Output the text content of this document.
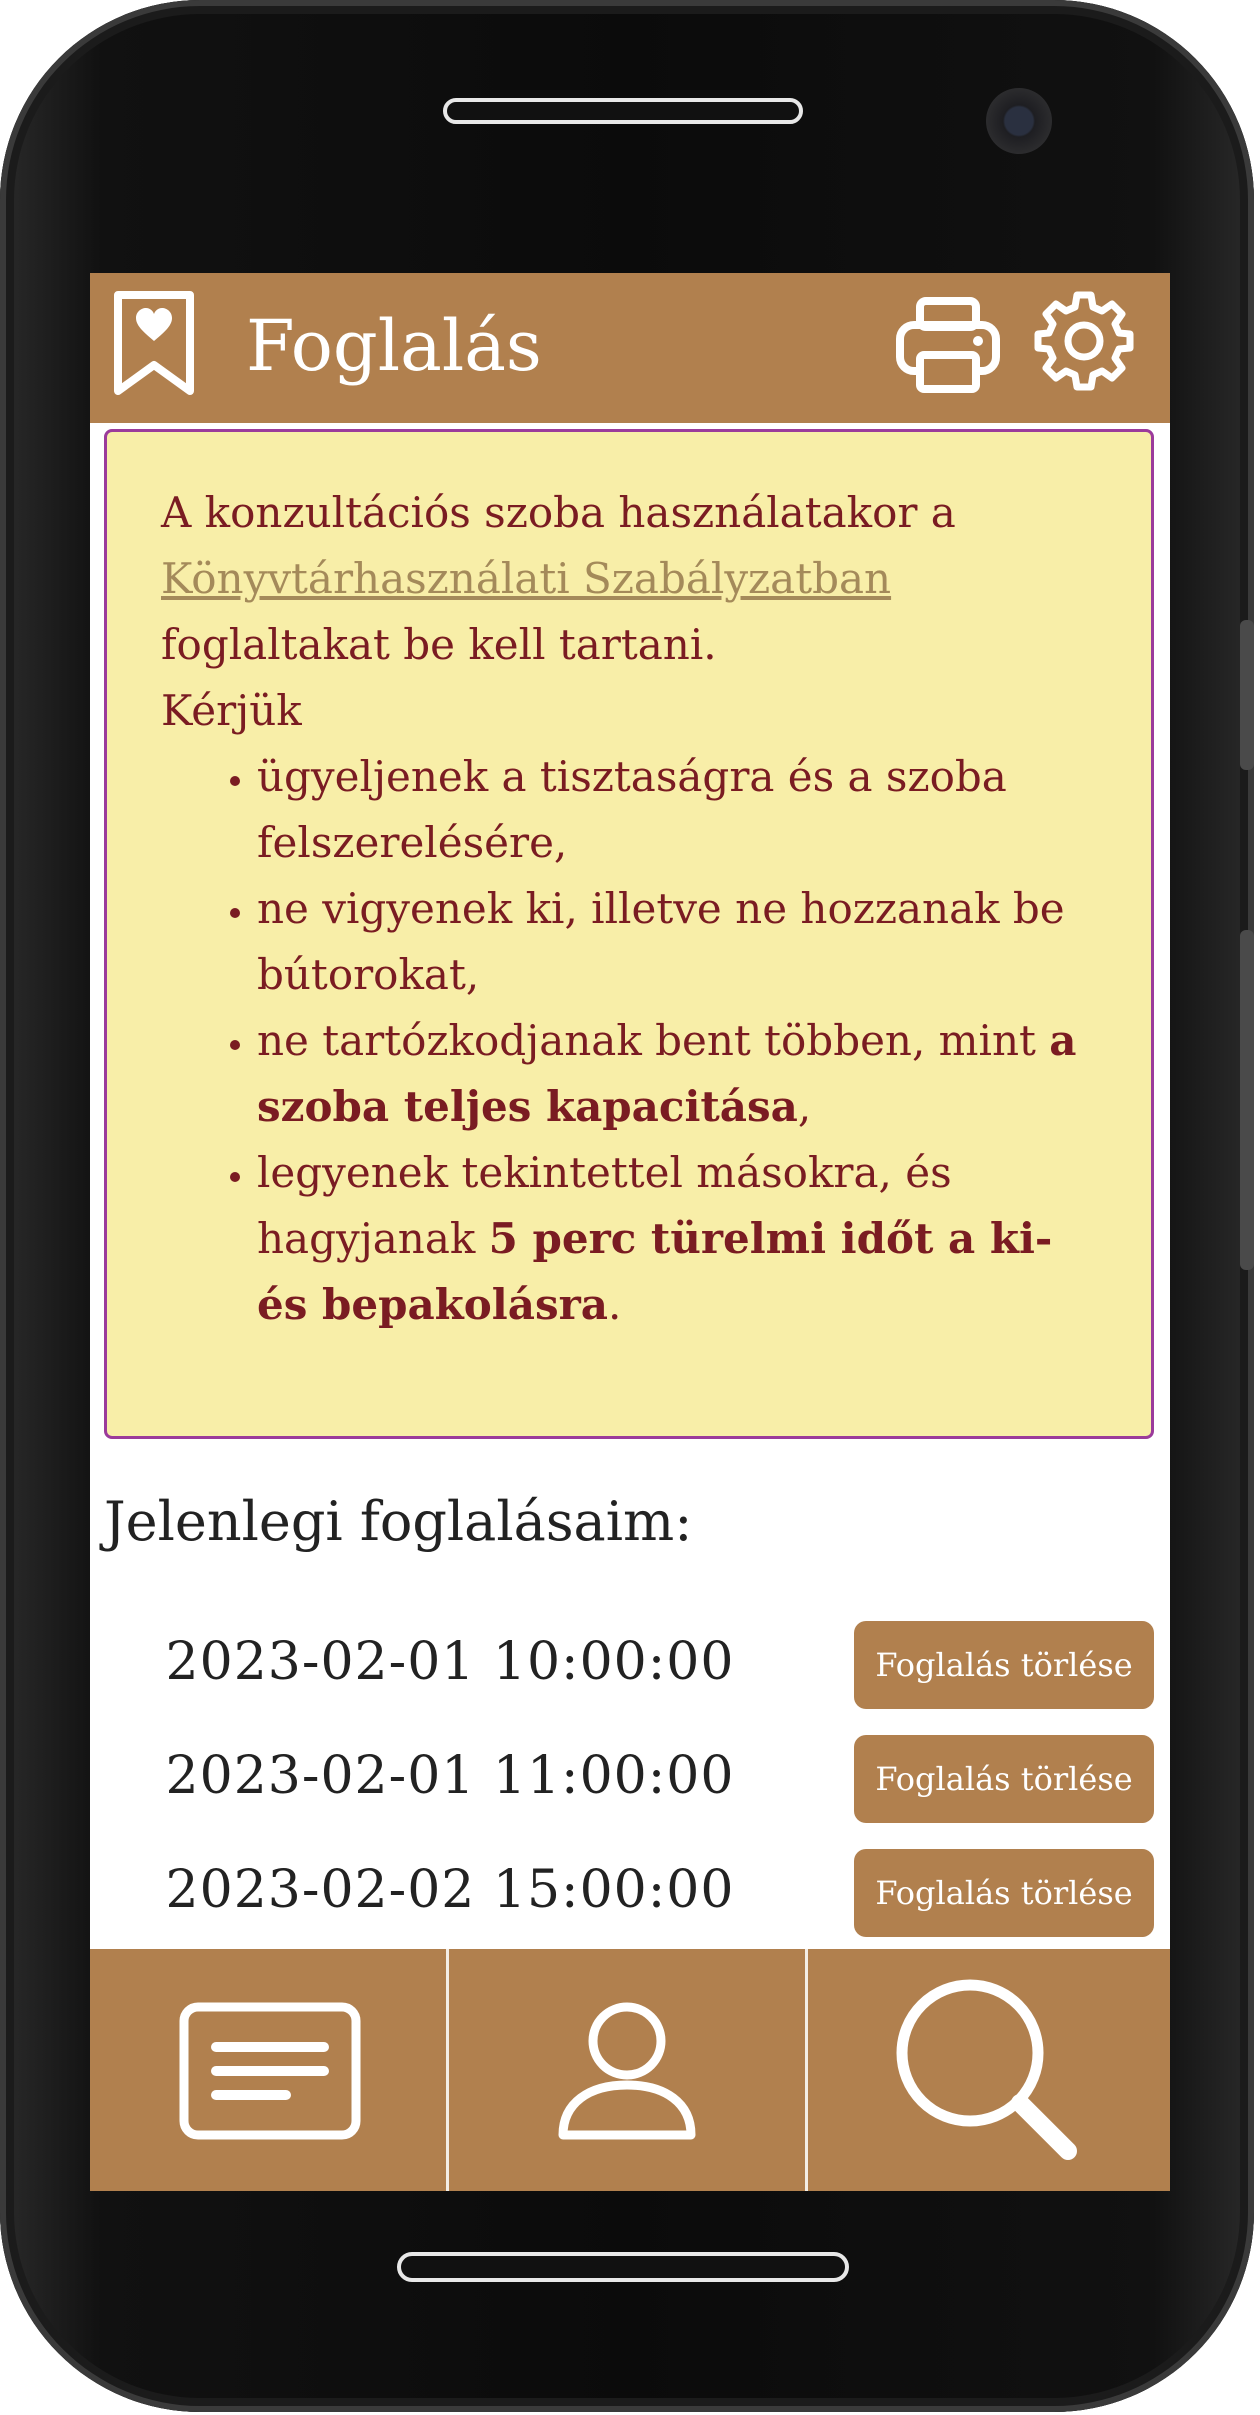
Foglalás

A konzultációs szoba használatakor a Könyvtárhasználati Szabályzatban foglaltakat be kell tartani.

Kérjük

• ügyeljenek a tisztaságra és a szoba felszerelésére,
• ne vigyenek ki, illetve ne hozzanak be bútorokat,
• ne tartózkodjanak bent többen, mint a szoba teljes kapacitása,
• legyenek tekintettel másokra, és hagyjanak 5 perc türelmi időt a ki-és bepakolásra.
Jelenlegi foglalásaim:
2023-02-01 10:00:00	Foglalás törlése
2023-02-01 11:00:00	Foglalás törlése
2023-02-02 15:00:00	Foglalás törlése
